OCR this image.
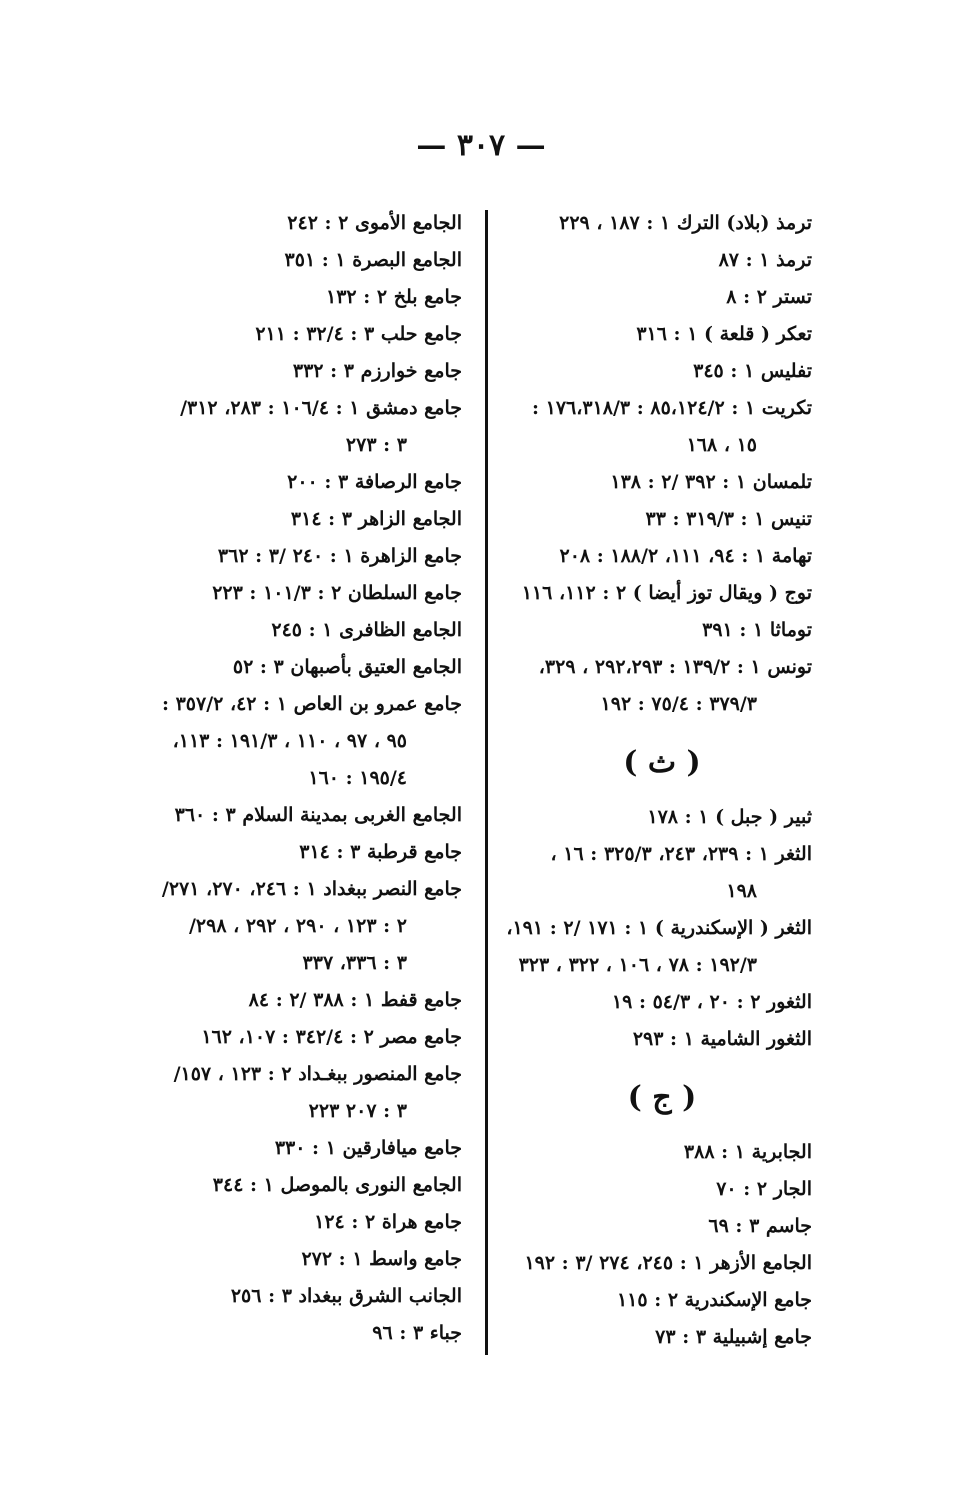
— ٣٠٧ —
ترمذ (بلاد) الترك ١ : ١٨٧ ، ٢٢٩
ترمذ ١ : ٨٧
تستر ٢ : ٨
تعكر ( قلعة ) ١ : ٣١٦
تفليس ١ : ٣٤٥
تكريت ١ : ٨٥،١٢٤/٢ : ١٧٦،٣١٨/٣ :
١٥ ، ١٦٨
تلمسان ١ : ٣٩٢ /٢ : ١٣٨
تنيس ١ : ٣١٩/٣ : ٣٣
تهامة ١ : ٩٤، ١١١، ١٨٨/٢ : ٢٠٨
توج ( ويقال توز أيضا ) ٢ : ١١٢، ١١٦
توماثا ١ : ٣٩١
تونس ١ : ١٣٩/٢ : ٢٩٢،٢٩٣ ، ٣٢٩،
٣٧٩/٣ : ٧٥/٤ : ١٩٢
( ث )
ثبير ( جبل ) ١ : ١٧٨
الثغر ١ : ٢٣٩، ٢٤٣، ٣٢٥/٣ : ١٦ ،
١٩٨
الثغر ( الإسكندرية ) ١ : ١٧١ /٢ : ١٩١،
١٩٢/٣ : ٧٨ ، ١٠٦ ، ٣٢٢ ، ٣٢٣
الثغور ٢ : ٢٠ ، ٥٤/٣ : ١٩
الثغور الشامية ١ : ٢٩٣
( ج )
الجابرية ١ : ٣٨٨
الجار ٢ : ٧٠
جاسم ٣ : ٦٩
الجامع الأزهر ١ : ٢٤٥، ٢٧٤ /٣ : ١٩٢
جامع الإسكندرية ٢ : ١١٥
جامع إشبيلية ٣ : ٧٣
الجامع الأموى ٢ : ٢٤٢
الجامع البصرة ١ : ٣٥١
جامع بلخ ٢ : ١٣٢
جامع حلب ٣ : ٣٢/٤ : ٢١١
جامع خوارزم ٣ : ٣٣٢
جامع دمشق ١ : ١٠٦/٤ : ٢٨٣، ٣١٢/
٣ : ٢٧٣
جامع الرصافة ٣ : ٢٠٠
الجامع الزاهر ٣ : ٣١٤
جامع الزاهرة ١ : ٢٤٠ /٣ : ٣٦٢
جامع السلطان ٢ : ١٠١/٣ : ٢٢٣
الجامع الظافرى ١ : ٢٤٥
الجامع العتيق بأصبهان ٣ : ٥٢
جامع عمرو بن العاص ١ : ٤٢، ٣٥٧/٢ :
٩٥ ، ٩٧ ، ١١٠ ، ١٩١/٣ : ١١٣،
١٩٥/٤ : ١٦٠
الجامع الغربى بمدينة السلام ٣ : ٣٦٠
جامع قرطبة ٣ : ٣١٤
جامع النصر ببغداد ١ : ٢٤٦، ٢٧٠، ٢٧١/
٢ : ١٢٣ ، ٢٩٠ ، ٢٩٢ ، ٢٩٨/
٣ : ٣٣٦، ٣٣٧
جامع قفط ١ : ٣٨٨ /٢ : ٨٤
جامع مصر ٢ : ٣٤٢/٤ : ١٠٧، ١٦٢
جامع المنصور ببغـداد ٢ : ١٢٣ ، ١٥٧/
٣ : ٢٠٧ ٢٢٣
جامع ميافارقين ١ : ٣٣٠
الجامع النورى بالموصل ١ : ٣٤٤
جامع هراة ٢ : ١٢٤
جامع واسط ١ : ٢٧٢
الجانب الشرق ببغداد ٣ : ٢٥٦
جباء ٣ : ٩٦
